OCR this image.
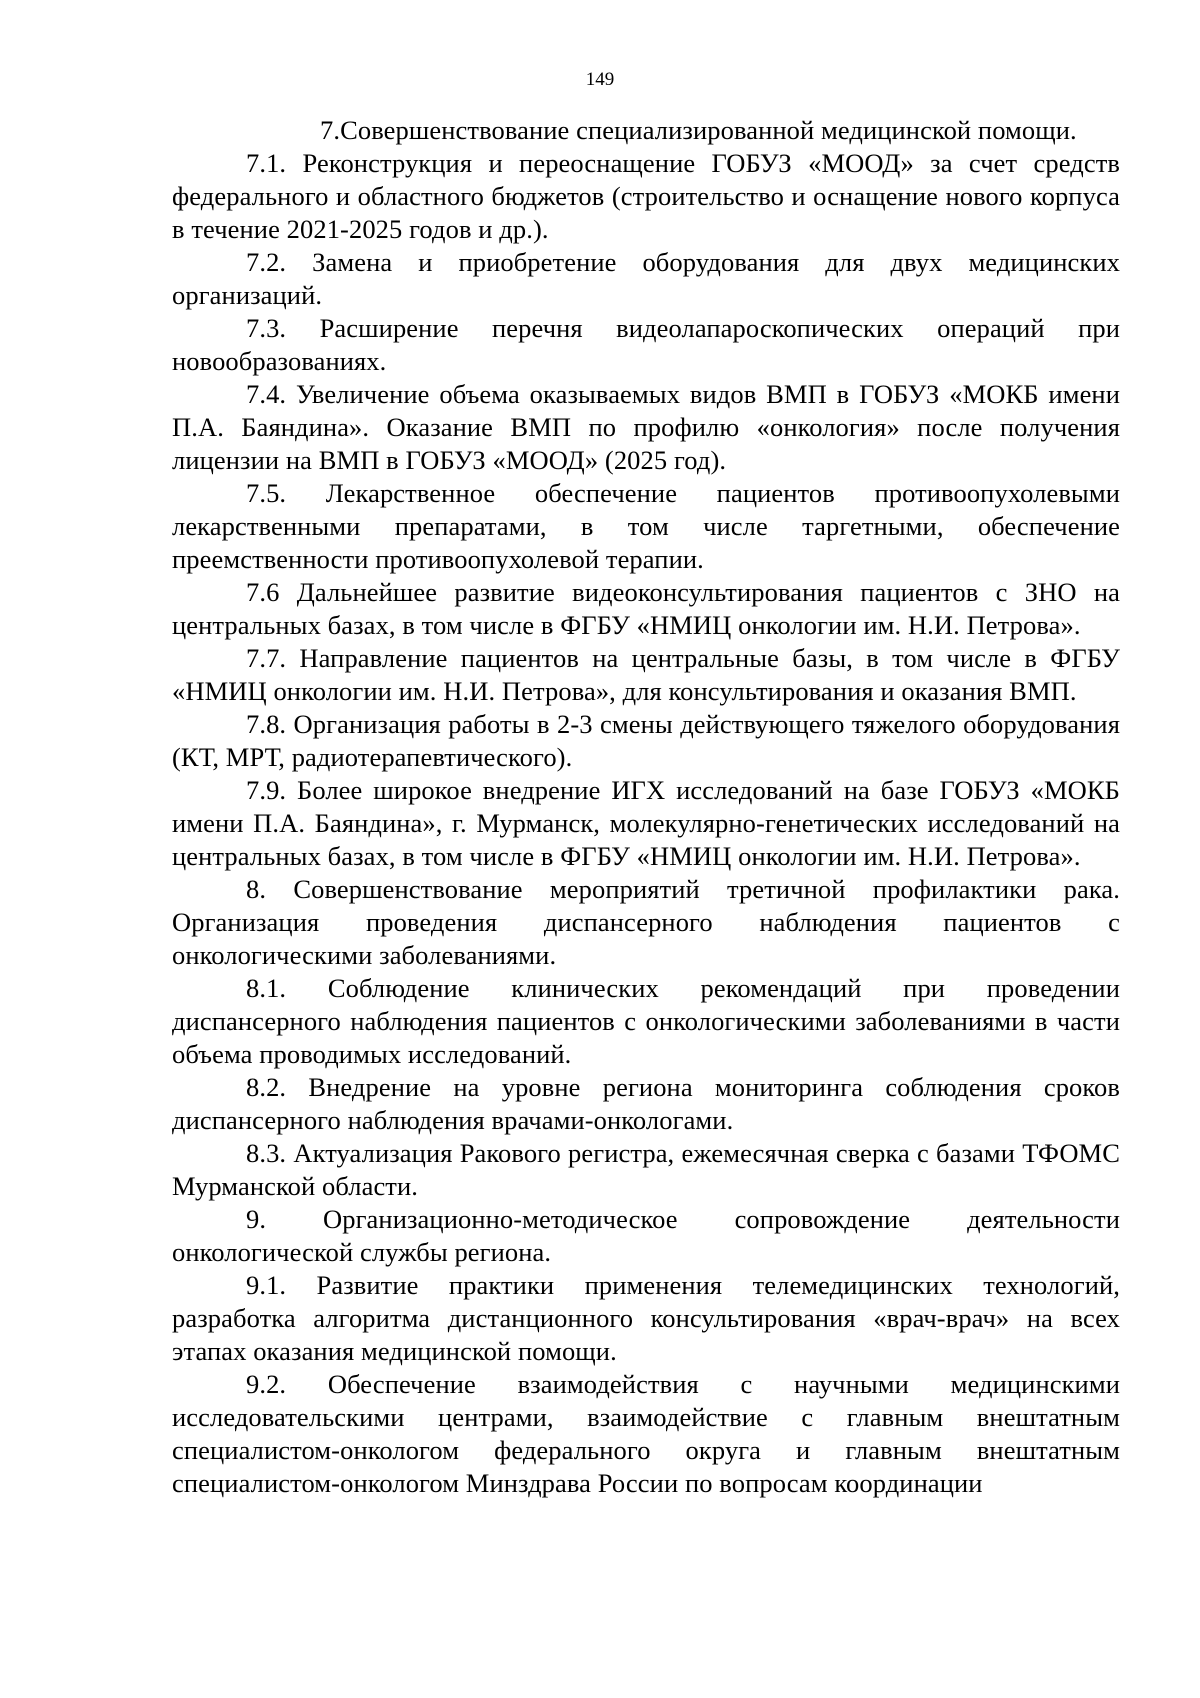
149

7.Совершенствование специализированной медицинской помощи.

7.1. Реконструкция и переоснащение ГОБУЗ «МООД» за счет средств федерального и областного бюджетов (строительство и оснащение нового корпуса в течение 2021-2025 годов и др.).

7.2. Замена и приобретение оборудования для двух медицинских организаций.

7.3. Расширение перечня видеолапароскопических операций при новообразованиях.

7.4. Увеличение объема оказываемых видов ВМП в ГОБУЗ «МОКБ имени П.А. Баяндина». Оказание ВМП по профилю «онкология» после получения лицензии на ВМП в ГОБУЗ «МООД» (2025 год).

7.5. Лекарственное обеспечение пациентов противоопухолевыми лекарственными препаратами, в том числе таргетными, обеспечение преемственности противоопухолевой терапии.

7.6 Дальнейшее развитие видеоконсультирования пациентов с ЗНО на центральных базах, в том числе в ФГБУ «НМИЦ онкологии им. Н.И. Петрова».

7.7. Направление пациентов на центральные базы, в том числе в ФГБУ «НМИЦ онкологии им. Н.И. Петрова», для консультирования и оказания ВМП.

7.8. Организация работы в 2-3 смены действующего тяжелого оборудования (КТ, МРТ, радиотерапевтического).

7.9. Более широкое внедрение ИГХ исследований на базе ГОБУЗ «МОКБ имени П.А. Баяндина», г. Мурманск, молекулярно-генетических исследований на центральных базах, в том числе в ФГБУ «НМИЦ онкологии им. Н.И. Петрова».

8. Совершенствование мероприятий третичной профилактики рака. Организация проведения диспансерного наблюдения пациентов с онкологическими заболеваниями.

8.1. Соблюдение клинических рекомендаций при проведении диспансерного наблюдения пациентов с онкологическими заболеваниями в части объема проводимых исследований.

8.2. Внедрение на уровне региона мониторинга соблюдения сроков диспансерного наблюдения врачами-онкологами.

8.3. Актуализация Ракового регистра, ежемесячная сверка с базами ТФОМС Мурманской области.

9. Организационно-методическое сопровождение деятельности онкологической службы региона.

9.1. Развитие практики применения телемедицинских технологий, разработка алгоритма дистанционного консультирования «врач-врач» на всех этапах оказания медицинской помощи.

9.2. Обеспечение взаимодействия с научными медицинскими исследовательскими центрами, взаимодействие с главным внештатным специалистом-онкологом федерального округа и главным внештатным специалистом-онкологом Минздрава России по вопросам координации
